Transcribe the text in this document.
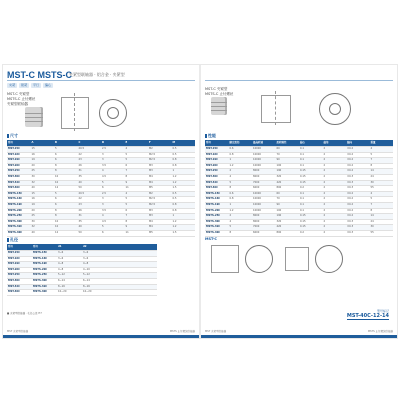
MST-C MSTS-C
夹紧型联轴器 · 铝合金 · 夹紧型
夹紧	锁紧	平行	偏心
MST-C 夹紧型
MSTS-C 止付螺丝
夹紧型联轴器
尺寸
型号	A	B	C	D	E	F	M
MST-15C	15	5	20.5	2.5	4	M2	0.5
MST-16C	16	6	22	3	5	M2.5	0.5
MST-19C	19	6	23	3	5	M2.5	0.8
MST-20C	20	8	26	3.5	6	M3	0.8
MST-25C	25	8	31	4	7	M3	1
MST-30C	30	10	35	4.5	8	M4	1.2
MST-32C	32	10	40	5	9	M4	1.2
MST-40C	40	12	50	6	11	M5	1.5
MSTS-15C	15	5	20.5	2.5	4	M2	0.5
MSTS-16C	16	6	22	3	5	M2.5	0.5
MSTS-19C	19	6	23	3	5	M2.5	0.8
MSTS-20C	20	8	26	3.5	6	M3	0.8
MSTS-25C	25	8	31	4	7	M3	1
MSTS-30C	30	10	35	4.5	8	M4	1.2
MSTS-32C	32	10	40	5	9	M4	1.2
MSTS-40C	40	12	50	6	11	M5	1.5
孔径
型号	型号	d1	d2		
MST-15C	MSTS-15C	3~6	3~6		
MST-16C	MSTS-16C	3~6	3~6		
MST-19C	MSTS-19C	4~8	4~8		
MST-20C	MSTS-20C	4~8	4~10		
MST-25C	MSTS-25C	5~12	5~12		
MST-30C	MSTS-30C	6~14	6~14		
MST-32C	MSTS-32C	8~16	8~16		
MST-40C	MSTS-40C	10~20	10~20		
■ 夹紧型联轴器 · 孔径公差 H7
MST 夹紧型联轴器	MSTS 止付螺丝联轴器
MST-C 夹紧型
MSTS-C 止付螺丝
性能
型号	额定扭矩	最高转速	扭转刚性	偏心	偏角	轴向	重量
MST-15C	0.6	10000	60	0.1	2	±0.2	4
MST-16C	0.8	10000	70	0.1	2	±0.2	5
MST-19C	1	10000	90	0.1	2	±0.2	7
MST-20C	1.2	10000	100	0.1	2	±0.2	8
MST-25C	2	8000	190	0.15	2	±0.2	14
MST-30C	4	8000	320	0.15	2	±0.3	24
MST-32C	5	7000	420	0.15	2	±0.3	30
MST-40C	8	6000	800	0.2	2	±0.3	55
MSTS-15C	0.6	10000	60	0.1	2	±0.2	4
MSTS-16C	0.8	10000	70	0.1	2	±0.2	5
MSTS-19C	1	10000	90	0.1	2	±0.2	7
MSTS-20C	1.2	10000	100	0.1	2	±0.2	8
MSTS-25C	2	8000	190	0.15	2	±0.2	14
MSTS-30C	4	8000	320	0.15	2	±0.3	24
MSTS-32C	5	7000	420	0.15	2	±0.3	30
MSTS-40C	8	6000	800	0.2	2	±0.3	55
MST-C
型号标记
MST-40C-12-14
MST 夹紧型联轴器	MSTS 止付螺丝联轴器
